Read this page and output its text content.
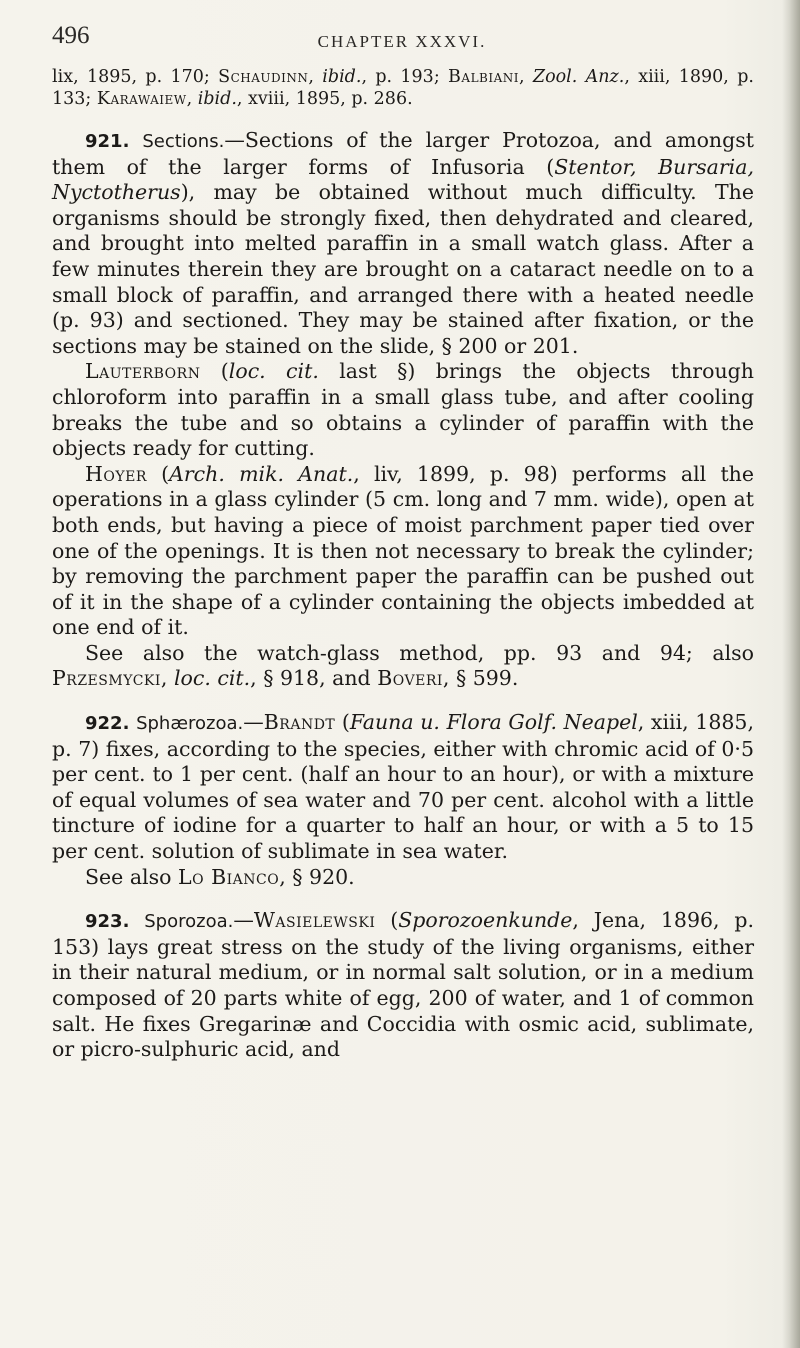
496	CHAPTER XXXVI.

lix, 1895, p. 170; Schaudinn, ibid., p. 193; Balbiani, Zool. Anz., xiii, 1890, p. 133; Karawaiew, ibid., xviii, 1895, p. 286.

921. Sections.—Sections of the larger Protozoa, and amongst them of the larger forms of Infusoria (Stentor, Bursaria, Nyctotherus), may be obtained without much difficulty. The organisms should be strongly fixed, then dehydrated and cleared, and brought into melted paraffin in a small watch glass. After a few minutes therein they are brought on a cataract needle on to a small block of paraffin, and arranged there with a heated needle (p. 93) and sectioned. They may be stained after fixation, or the sections may be stained on the slide, § 200 or 201.

Lauterborn (loc. cit. last §) brings the objects through chloroform into paraffin in a small glass tube, and after cooling breaks the tube and so obtains a cylinder of paraffin with the objects ready for cutting.

Hoyer (Arch. mik. Anat., liv, 1899, p. 98) performs all the operations in a glass cylinder (5 cm. long and 7 mm. wide), open at both ends, but having a piece of moist parchment paper tied over one of the openings. It is then not necessary to break the cylinder; by removing the parchment paper the paraffin can be pushed out of it in the shape of a cylinder containing the objects imbedded at one end of it.

See also the watch-glass method, pp. 93 and 94; also Przesmycki, loc. cit., § 918, and Boveri, § 599.

922. Sphærozoa.—Brandt (Fauna u. Flora Golf. Neapel, xiii, 1885, p. 7) fixes, according to the species, either with chromic acid of 0·5 per cent. to 1 per cent. (half an hour to an hour), or with a mixture of equal volumes of sea water and 70 per cent. alcohol with a little tincture of iodine for a quarter to half an hour, or with a 5 to 15 per cent. solution of sublimate in sea water.

See also Lo Bianco, § 920.

923. Sporozoa.—Wasielewski (Sporozoenkunde, Jena, 1896, p. 153) lays great stress on the study of the living organisms, either in their natural medium, or in normal salt solution, or in a medium composed of 20 parts white of egg, 200 of water, and 1 of common salt. He fixes Gregarinæ and Coccidia with osmic acid, sublimate, or picro-sulphuric acid, and
